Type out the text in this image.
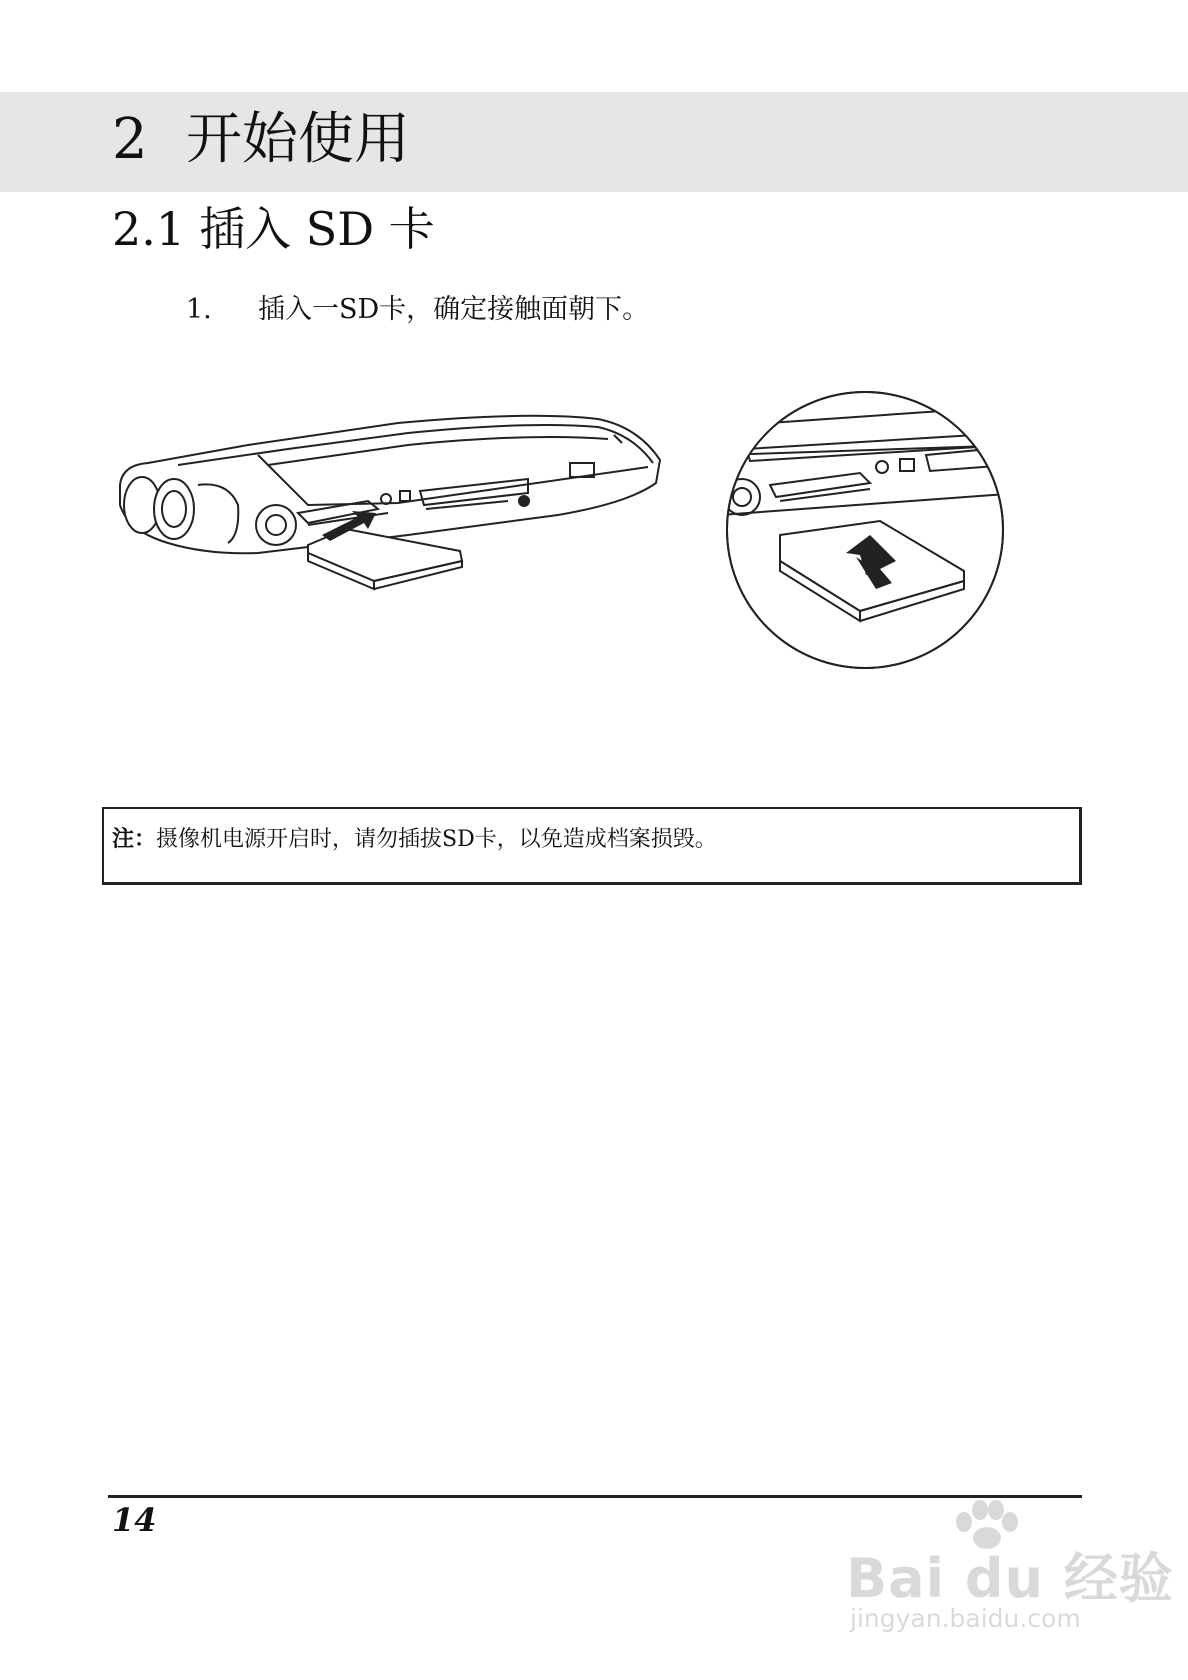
2 开始使用
2.1 插入 SD 卡
1. 插入一SD卡，确定接触面朝下。
注：摄像机电源开启时，请勿插拔SD卡，以免造成档案损毁。
14
Bai du 经验
jingyan.baidu.com
